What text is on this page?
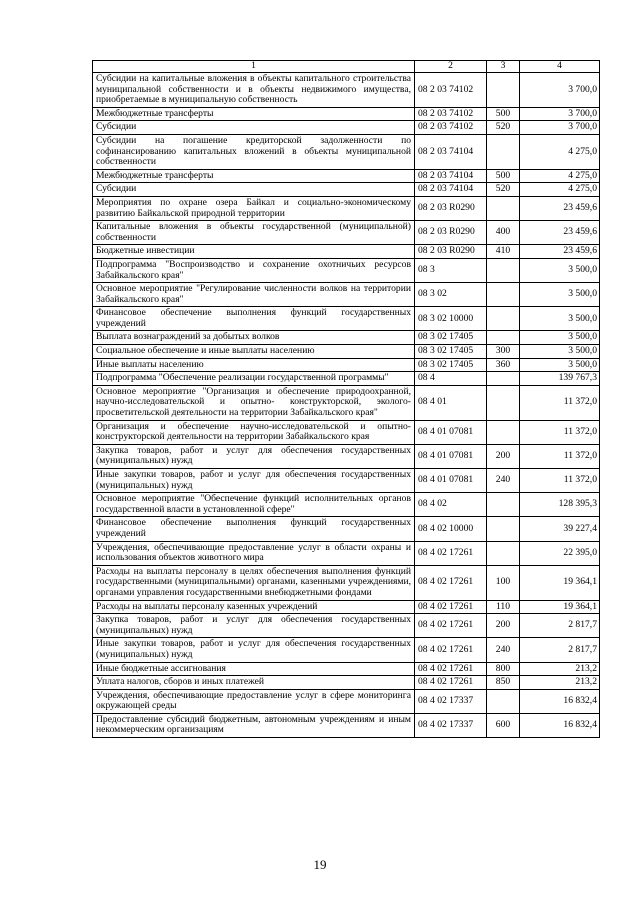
1	2	3	4
Субсидии на капитальные вложения в объекты капитального строительства муниципальной собственности и в объекты недвижимого имущества, приобретаемые в муниципальную собственность	08 2 03 74102		3 700,0
Межбюджетные трансферты	08 2 03 74102	500	3 700,0
Субсидии	08 2 03 74102	520	3 700,0
Субсидии на погашение кредиторской задолженности по софинансированию капитальных вложений в объекты муниципальной собственности	08 2 03 74104		4 275,0
Межбюджетные трансферты	08 2 03 74104	500	4 275,0
Субсидии	08 2 03 74104	520	4 275,0
Мероприятия по охране озера Байкал и социально-экономическому развитию Байкальской природной территории	08 2 03 R0290		23 459,6
Капитальные вложения в объекты государственной (муниципальной) собственности	08 2 03 R0290	400	23 459,6
Бюджетные инвестиции	08 2 03 R0290	410	23 459,6
Подпрограмма "Воспроизводство и сохранение охотничьих ресурсов Забайкальского края"	08 3		3 500,0
Основное мероприятие "Регулирование численности волков на территории Забайкальского края"	08 3 02		3 500,0
Финансовое обеспечение выполнения функций государственных учреждений	08 3 02 10000		3 500,0
Выплата вознаграждений за добытых волков	08 3 02 17405		3 500,0
Социальное обеспечение и иные выплаты населению	08 3 02 17405	300	3 500,0
Иные выплаты населению	08 3 02 17405	360	3 500,0
Подпрограмма "Обеспечение реализации государственной программы"	08 4		139 767,3
Основное мероприятие "Организация и обеспечение природоохранной, научно-исследовательской и опытно- конструкторской, эколого-просветительской деятельности на территории Забайкальского края"	08 4 01		11 372,0
Организация и обеспечение научно-исследовательской и опытно-конструкторской деятельности на территории Забайкальского края	08 4 01 07081		11 372,0
Закупка товаров, работ и услуг для обеспечения государственных (муниципальных) нужд	08 4 01 07081	200	11 372,0
Иные закупки товаров, работ и услуг для обеспечения государственных (муниципальных) нужд	08 4 01 07081	240	11 372,0
Основное мероприятие "Обеспечение функций исполнительных органов государственной власти в установленной сфере"	08 4 02		128 395,3
Финансовое обеспечение выполнения функций государственных учреждений	08 4 02 10000		39 227,4
Учреждения, обеспечивающие предоставление услуг в области охраны и использования объектов животного мира	08 4 02 17261		22 395,0
Расходы на выплаты персоналу в целях обеспечения выполнения функций государственными (муниципальными) органами, казенными учреждениями, органами управления государственными внебюджетными фондами	08 4 02 17261	100	19 364,1
Расходы на выплаты персоналу казенных учреждений	08 4 02 17261	110	19 364,1
Закупка товаров, работ и услуг для обеспечения государственных (муниципальных) нужд	08 4 02 17261	200	2 817,7
Иные закупки товаров, работ и услуг для обеспечения государственных (муниципальных) нужд	08 4 02 17261	240	2 817,7
Иные бюджетные ассигнования	08 4 02 17261	800	213,2
Уплата налогов, сборов и иных платежей	08 4 02 17261	850	213,2
Учреждения, обеспечивающие предоставление услуг в сфере мониторинга окружающей среды	08 4 02 17337		16 832,4
Предоставление субсидий бюджетным, автономным учреждениям и иным некоммерческим организациям	08 4 02 17337	600	16 832,4
19
